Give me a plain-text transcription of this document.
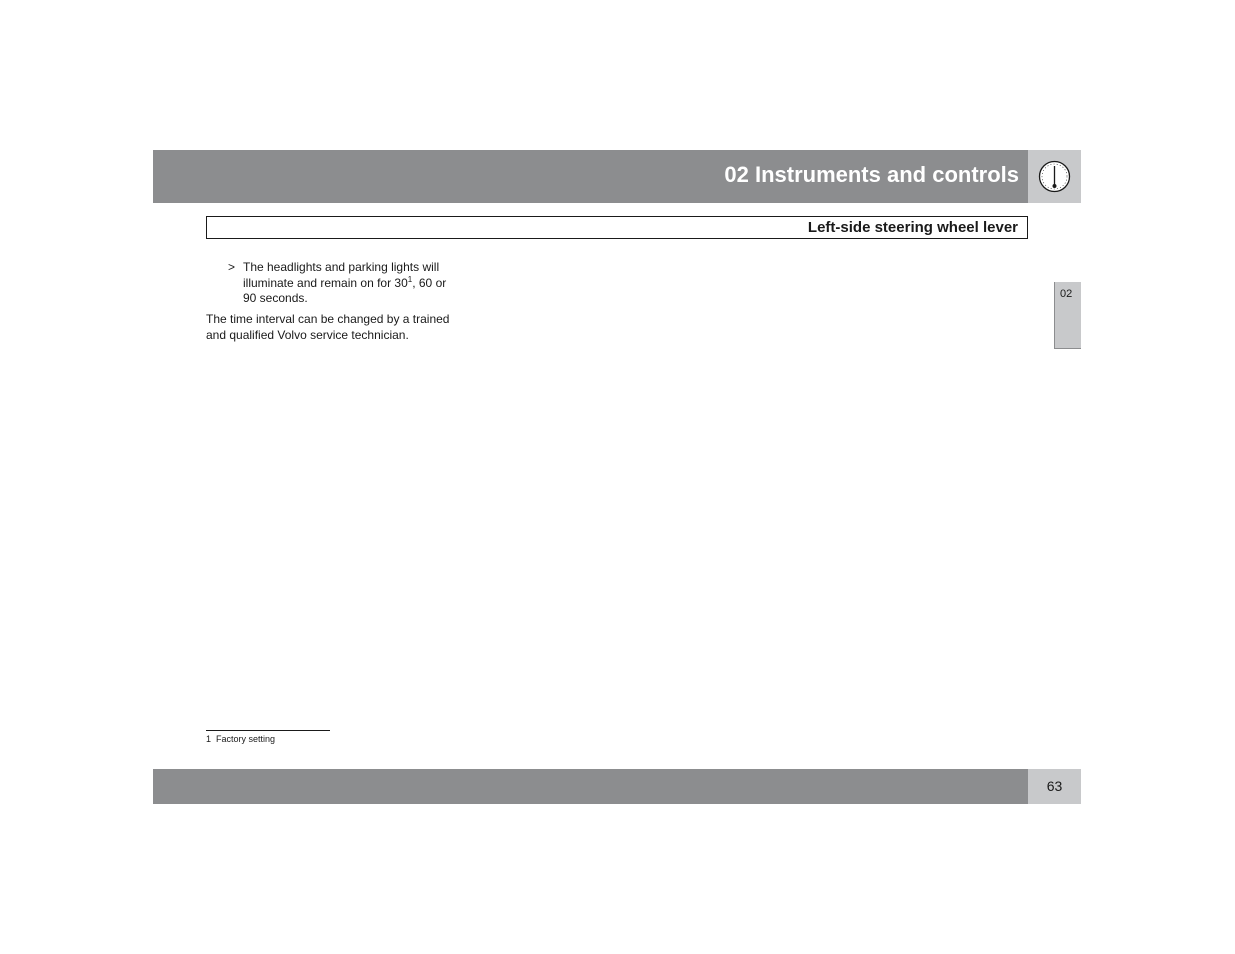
02 Instruments and controls
Left-side steering wheel lever
02
> The headlights and parking lights will

illuminate and remain on for $30^1$, 60 or

90 seconds.

The time interval can be changed by a trained

and qualified Volvo service technician.

1 Factory setting
63
